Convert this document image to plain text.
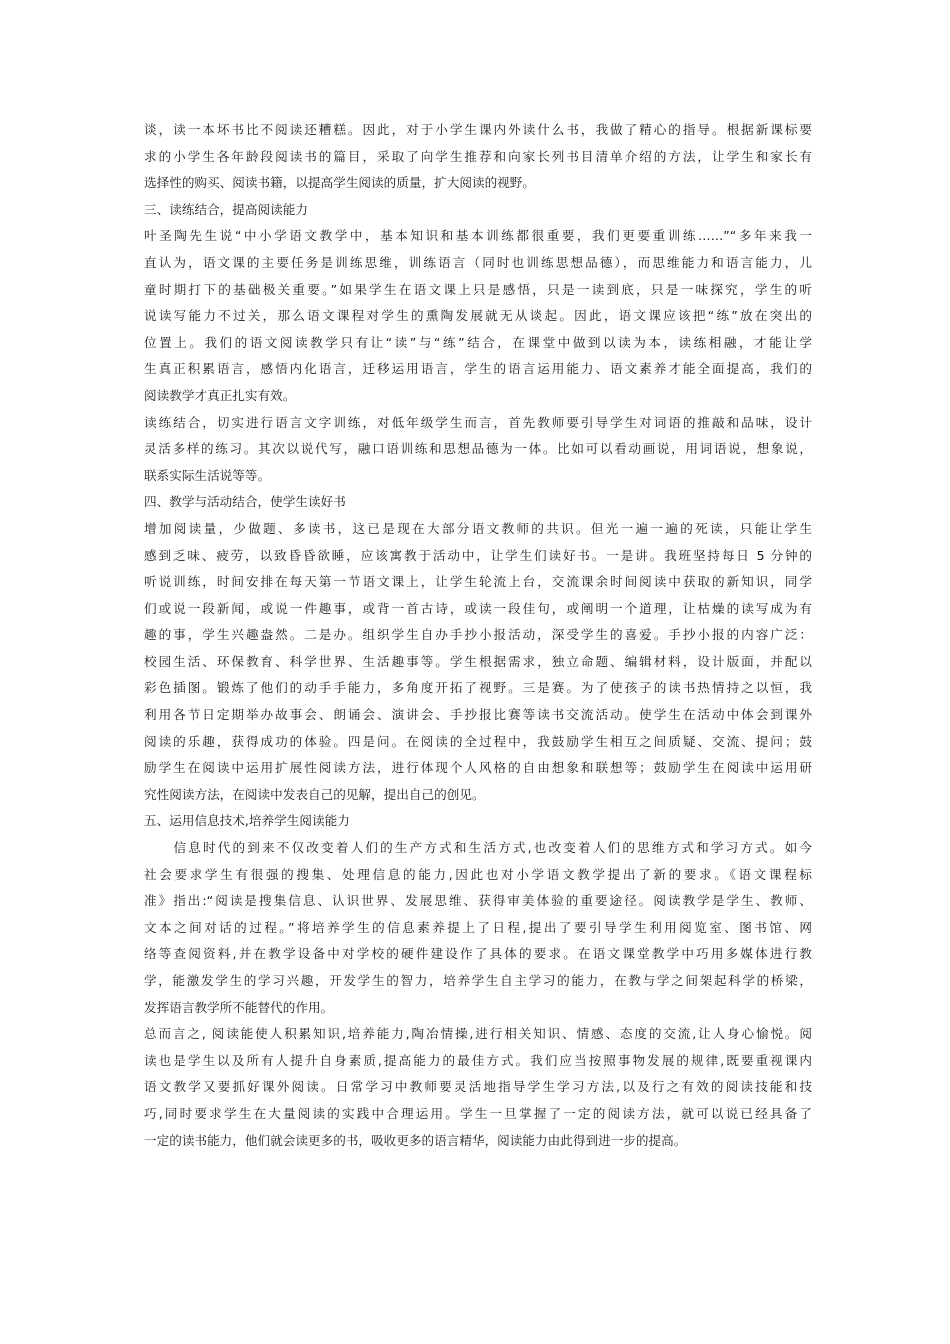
谈，读一本坏书比不阅读还糟糕。因此，对于小学生课内外读什么书，我做了精心的指导。根据新课标要
求的小学生各年龄段阅读书的篇目，采取了向学生推荐和向家长列书目清单介绍的方法，让学生和家长有
选择性的购买、阅读书籍，以提高学生阅读的质量，扩大阅读的视野。
三、读练结合，提高阅读能力
叶圣陶先生说“中小学语文教学中，基本知识和基本训练都很重要，我们更要重训练……”“多年来我一
直认为，语文课的主要任务是训练思维，训练语言（同时也训练思想品德），而思维能力和语言能力，儿
童时期打下的基础极关重要。”如果学生在语文课上只是感悟，只是一读到底，只是一味探究，学生的听
说读写能力不过关，那么语文课程对学生的熏陶发展就无从谈起。因此，语文课应该把“练”放在突出的
位置上。我们的语文阅读教学只有让“读”与“练”结合，在课堂中做到以读为本，读练相融，才能让学
生真正积累语言，感悟内化语言，迁移运用语言，学生的语言运用能力、语文素养才能全面提高，我们的
阅读教学才真正扎实有效。
读练结合，切实进行语言文字训练，对低年级学生而言，首先教师要引导学生对词语的推敲和品味，设计
灵活多样的练习。其次以说代写，融口语训练和思想品德为一体。比如可以看动画说，用词语说，想象说，
联系实际生活说等等。
四、教学与活动结合，使学生读好书
增加阅读量，少做题、多读书，这已是现在大部分语文教师的共识。但光一遍一遍的死读，只能让学生
感到乏味、疲劳，以致昏昏欲睡，应该寓教于活动中，让学生们读好书。一是讲。我班坚持每日 5 分钟的
听说训练，时间安排在每天第一节语文课上，让学生轮流上台，交流课余时间阅读中获取的新知识，同学
们或说一段新闻，或说一件趣事，或背一首古诗，或读一段佳句，或阐明一个道理，让枯燥的读写成为有
趣的事，学生兴趣盎然。二是办。组织学生自办手抄小报活动，深受学生的喜爱。手抄小报的内容广泛：
校园生活、环保教育、科学世界、生活趣事等。学生根据需求，独立命题、编辑材料，设计版面，并配以
彩色插图。锻炼了他们的动手手能力，多角度开拓了视野。三是赛。为了使孩子的读书热情持之以恒，我
利用各节日定期举办故事会、朗诵会、演讲会、手抄报比赛等读书交流活动。使学生在活动中体会到课外
阅读的乐趣，获得成功的体验。四是问。在阅读的全过程中，我鼓励学生相互之间质疑、交流、提问；鼓
励学生在阅读中运用扩展性阅读方法，进行体现个人风格的自由想象和联想等；鼓励学生在阅读中运用研
究性阅读方法，在阅读中发表自己的见解，提出自己的创见。
五、运用信息技术,培养学生阅读能力
　　信息时代的到来不仅改变着人们的生产方式和生活方式,也改变着人们的思维方式和学习方式。如今
社会要求学生有很强的搜集、处理信息的能力,因此也对小学语文教学提出了新的要求。《语文课程标
准》指出:“阅读是搜集信息、认识世界、发展思维、获得审美体验的重要途径。阅读教学是学生、教师、
文本之间对话的过程。”将培养学生的信息素养提上了日程,提出了要引导学生利用阅览室、图书馆、网
络等查阅资料,并在教学设备中对学校的硬件建设作了具体的要求。在语文课堂教学中巧用多媒体进行教
学，能激发学生的学习兴趣，开发学生的智力，培养学生自主学习的能力，在教与学之间架起科学的桥梁，
发挥语言教学所不能替代的作用。
总而言之, 阅读能使人积累知识,培养能力,陶冶情操,进行相关知识、情感、态度的交流,让人身心愉悦。阅
读也是学生以及所有人提升自身素质,提高能力的最佳方式。我们应当按照事物发展的规律,既要重视课内
语文教学又要抓好课外阅读。日常学习中教师要灵活地指导学生学习方法,以及行之有效的阅读技能和技
巧,同时要求学生在大量阅读的实践中合理运用。学生一旦掌握了一定的阅读方法，就可以说已经具备了
一定的读书能力，他们就会读更多的书，吸收更多的语言精华，阅读能力由此得到进一步的提高。
